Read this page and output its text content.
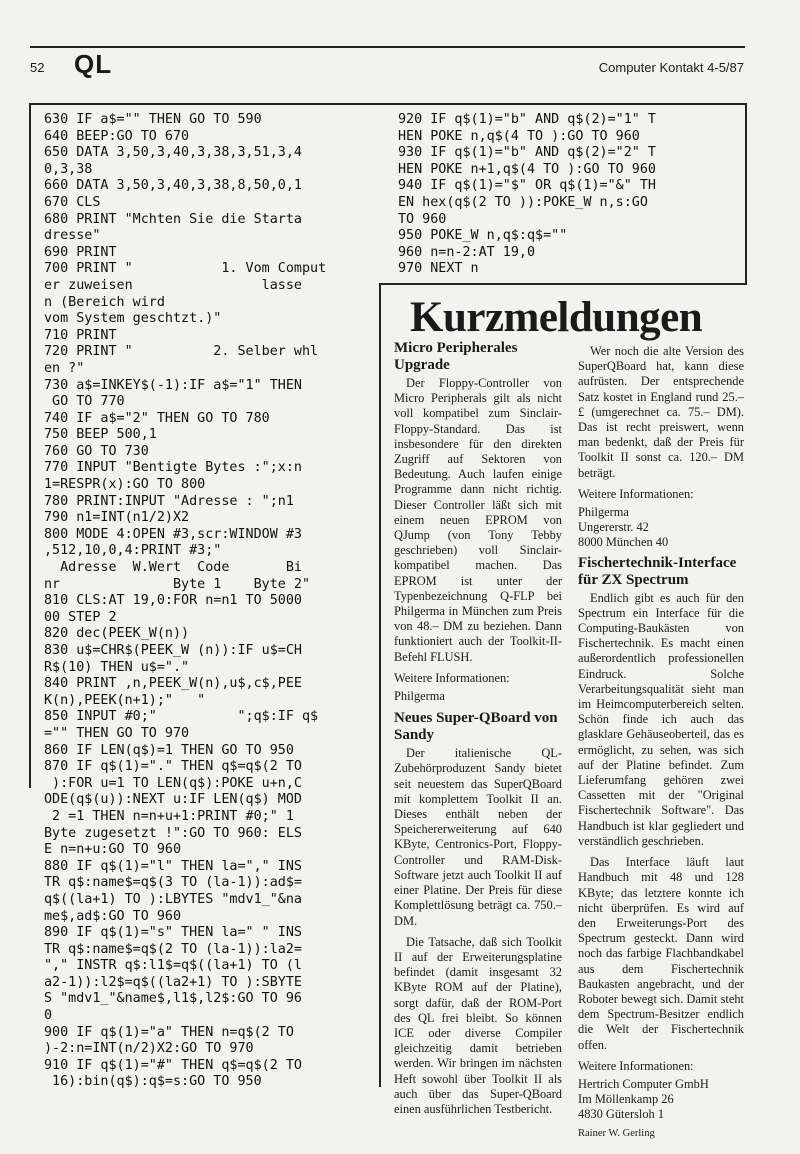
52 QL	Computer Kontakt 4-5/87
630 IF a$="" THEN GO TO 590
640 BEEP:GO TO 670
650 DATA 3,50,3,40,3,38,3,51,3,4
0,3,38
660 DATA 3,50,3,40,3,38,8,50,0,1
670 CLS
680 PRINT "Mchten Sie die Starta
dresse"
690 PRINT
700 PRINT "           1. Vom Comput
er zuweisen                lasse
n (Bereich wird
vom System geschtzt.)"
710 PRINT
720 PRINT "          2. Selber whl
en ?"
730 a$=INKEY$(-1):IF a$="1" THEN
GO TO 770
740 IF a$="2" THEN GO TO 780
750 BEEP 500,1
760 GO TO 730
770 INPUT "Bentigte Bytes :";x:n
1=RESPR(x):GO TO 800
780 PRINT:INPUT "Adresse : ";n1
790 n1=INT(n1/2)X2
800 MODE 4:OPEN #3,scr:WINDOW #3
,512,10,0,4:PRINT #3;"
Adresse  W.Wert  Code       Bi
nr              Byte 1    Byte 2"
810 CLS:AT 19,0:FOR n=n1 TO 5000
00 STEP 2
820 dec(PEEK_W(n))
830 u$=CHR$(PEEK_W (n)):IF u$=CH
R$(10) THEN u$="."
840 PRINT ,n,PEEK_W(n),u$,c$,PEE
K(n),PEEK(n+1);"   "
850 INPUT #0;"          ";q$:IF q$
="" THEN GO TO 970
860 IF LEN(q$)=1 THEN GO TO 950
870 IF q$(1)="." THEN q$=q$(2 TO
):FOR u=1 TO LEN(q$):POKE u+n,C
ODE(q$(u)):NEXT u:IF LEN(q$) MOD
2 =1 THEN n=n+u+1:PRINT #0;" 1
Byte zugesetzt !":GO TO 960: ELS
E n=n+u:GO TO 960
880 IF q$(1)="l" THEN la="," INS
TR q$:name$=q$(3 TO (la-1)):ad$=
q$((la+1) TO ):LBYTES "mdv1_"&na
me$,ad$:GO TO 960
890 IF q$(1)="s" THEN la=" " INS
TR q$:name$=q$(2 TO (la-1)):la2=
"," INSTR q$:l1$=q$((la+1) TO (l
a2-1)):l2$=q$((la2+1) TO ):SBYTE
S "mdv1_"&name$,l1$,l2$:GO TO 96
0
900 IF q$(1)="a" THEN n=q$(2 TO
)-2:n=INT(n/2)X2:GO TO 970
910 IF q$(1)="#" THEN q$=q$(2 TO
16):bin(q$):q$=s:GO TO 950
920 IF q$(1)="b" AND q$(2)="1" T
HEN POKE n,q$(4 TO ):GO TO 960
930 IF q$(1)="b" AND q$(2)="2" T
HEN POKE n+1,q$(4 TO ):GO TO 960
940 IF q$(1)="$" OR q$(1)="&" TH
EN hex(q$(2 TO )):POKE_W n,s:GO
TO 960
950 POKE_W n,q$:q$=""
960 n=n-2:AT 19,0
970 NEXT n
Kurzmeldungen
Micro Peripherales Upgrade

Der Floppy-Controller von Micro Peripherals gilt als nicht voll kompatibel zum Sinclair-Floppy-Standard. Das ist insbesondere für den direkten Zugriff auf Sektoren von Bedeutung. Auch laufen einige Programme dann nicht richtig. Dieser Controller läßt sich mit einem neuen EPROM von QJump (von Tony Tebby geschrieben) voll Sinclair-kompatibel machen. Das EPROM ist unter der Typenbezeichnung Q-FLP bei Philgerma in München zum Preis von 48.– DM zu beziehen. Dann funktioniert auch der Toolkit-II-Befehl FLUSH.

Weitere Informationen:

Philgerma

Neues Super-QBoard von Sandy

Der italienische QL-Zubehörproduzent Sandy bietet seit neuestem das SuperQBoard mit komplettem Toolkit II an. Dieses enthält neben der Speichererweiterung auf 640 KByte, Centronics-Port, Floppy-Controller und RAM-Disk-Software jetzt auch Toolkit II auf einer Platine. Der Preis für diese Komplettlösung beträgt ca. 750.– DM.

Die Tatsache, daß sich Toolkit II auf der Erweiterungsplatine befindet (damit insgesamt 32 KByte ROM auf der Platine), sorgt dafür, daß der ROM-Port des QL frei bleibt. So können ICE oder diverse Compiler gleichzeitig damit betrieben werden. Wir bringen im nächsten Heft sowohl über Toolkit II als auch über das Super-QBoard einen ausführlichen Testbericht.

Wer noch die alte Version des SuperQBoard hat, kann diese aufrüsten. Der entsprechende Satz kostet in England rund 25.– £ (umgerechnet ca. 75.– DM). Das ist recht preiswert, wenn man bedenkt, daß der Preis für Toolkit II sonst ca. 120.– DM beträgt.

Weitere Informationen:

Philgerma

Ungererstr. 42

8000 München 40

Fischertechnik-Interface für ZX Spectrum

Endlich gibt es auch für den Spectrum ein Interface für die Computing-Baukästen von Fischertechnik. Es macht einen außerordentlich professionellen Eindruck. Solche Verarbeitungsqualität sieht man im Heimcomputerbereich selten. Schön finde ich auch das glasklare Gehäuseoberteil, das es ermöglicht, zu sehen, was sich auf der Platine befindet. Zum Lieferumfang gehören zwei Cassetten mit der "Original Fischertechnik Software". Das Handbuch ist klar gegliedert und verständlich geschrieben.

Das Interface läuft laut Handbuch mit 48 und 128 KByte; das letztere konnte ich nicht überprüfen. Es wird auf den Erweiterungs-Port des Spectrum gesteckt. Dann wird noch das farbige Flachbandkabel aus dem Fischertechnik Baukasten angebracht, und der Roboter bewegt sich. Damit steht dem Spectrum-Besitzer endlich die Welt der Fischertechnik offen.

Weitere Informationen:

Hertrich Computer GmbH

Im Möllenkamp 26

4830 Gütersloh 1

Rainer W. Gerling
